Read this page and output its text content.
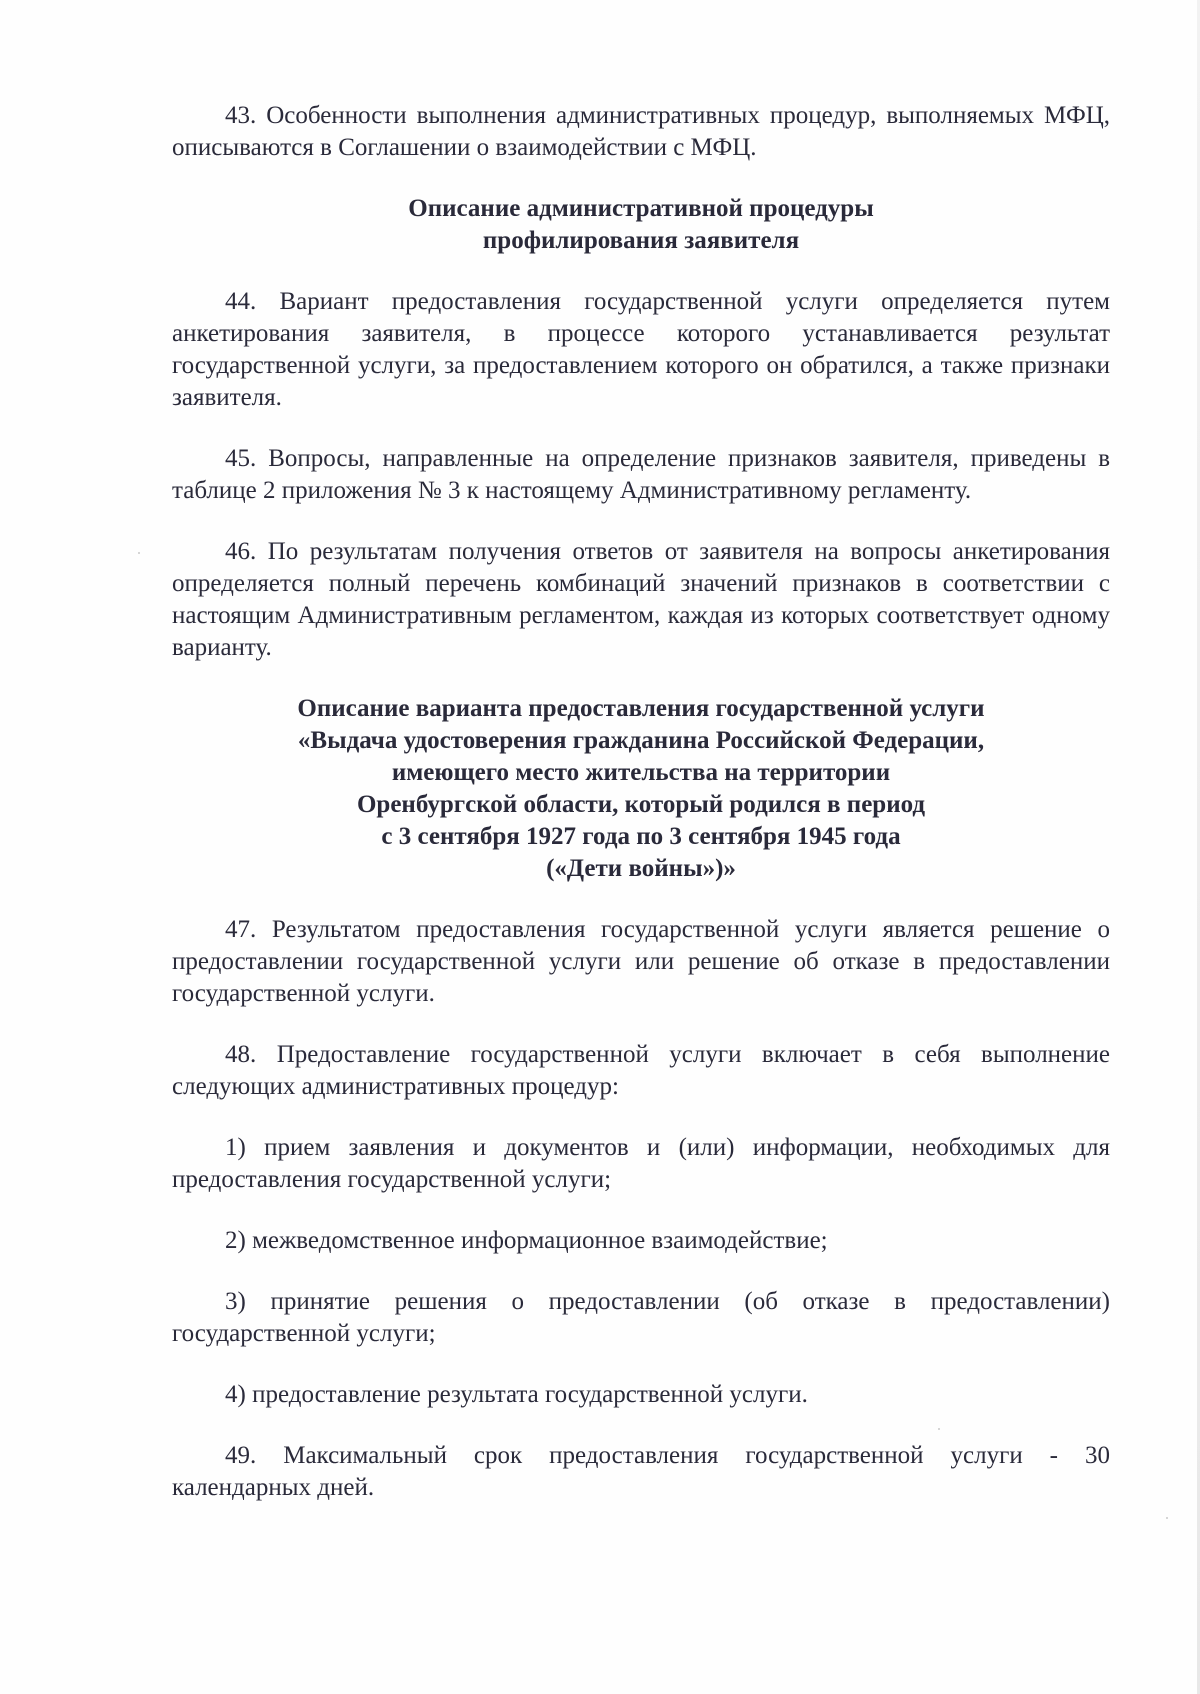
43. Особенности выполнения административных процедур, выполняемых МФЦ, описываются в Соглашении о взаимодействии с МФЦ.

Описание административной процедуры
профилирования заявителя

44. Вариант предоставления государственной услуги определяется путем анкетирования заявителя, в процессе которого устанавливается результат государственной услуги, за предоставлением которого он обратился, а также признаки заявителя.

45. Вопросы, направленные на определение признаков заявителя, приведены в таблице 2 приложения № 3 к настоящему Административному регламенту.

46. По результатам получения ответов от заявителя на вопросы анкетирования определяется полный перечень комбинаций значений признаков в соответствии с настоящим Административным регламентом, каждая из которых соответствует одному варианту.

Описание варианта предоставления государственной услуги
«Выдача удостоверения гражданина Российской Федерации,
имеющего место жительства на территории
Оренбургской области, который родился в период
с 3 сентября 1927 года по 3 сентября 1945 года
(«Дети войны»)»

47. Результатом предоставления государственной услуги является решение о предоставлении государственной услуги или решение об отказе в предоставлении государственной услуги.

48. Предоставление государственной услуги включает в себя выполнение следующих административных процедур:

1) прием заявления и документов и (или) информации, необходимых для предоставления государственной услуги;

2) межведомственное информационное взаимодействие;

3) принятие решения о предоставлении (об отказе в предоставлении) государственной услуги;

4) предоставление результата государственной услуги.

49. Максимальный срок предоставления государственной услуги - 30 календарных дней.
